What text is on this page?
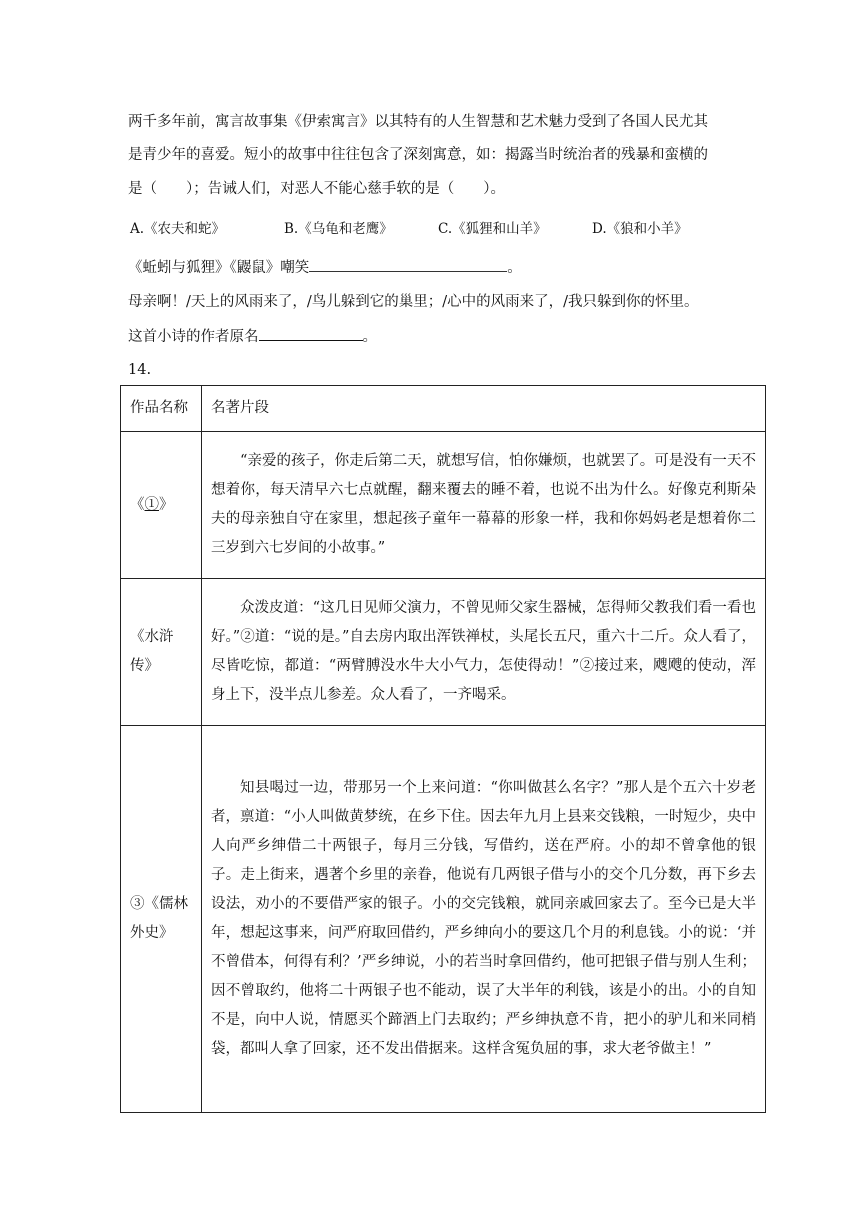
两千多年前，寓言故事集《伊索寓言》以其特有的人生智慧和艺术魅力受到了各国人民尤其
是青少年的喜爱。短小的故事中往往包含了深刻寓意，如：揭露当时统治者的残暴和蛮横的
是（　　）；告诫人们，对恶人不能心慈手软的是（　　）。
A.《农夫和蛇》	B.《乌龟和老鹰》	C.《狐狸和山羊》	D.《狼和小羊》
《蚯蚓与狐狸》《鼹鼠》嘲笑	。
母亲啊！/天上的风雨来了，/鸟儿躲到它的巢里；/心中的风雨来了，/我只躲到你的怀里。
这首小诗的作者原名	。
14.
作品名称	名著片段
《①》	“亲爱的孩子，你走后第二天，就想写信，怕你嫌烦，也就罢了。可是没有一天不想着你，每天清早六七点就醒，翻来覆去的睡不着，也说不出为什么。好像克利斯朵夫的母亲独自守在家里，想起孩子童年一幕幕的形象一样，我和你妈妈老是想着你二三岁到六七岁间的小故事。”
《水浒传》	众泼皮道：“这几日见师父演力，不曾见师父家生器械，怎得师父教我们看一看也好。”②道：“说的是。”自去房内取出浑铁禅杖，头尾长五尺，重六十二斤。众人看了，尽皆吃惊，都道：“两臂膊没水牛大小气力，怎使得动！”②接过来，飕飕的使动，浑身上下，没半点儿参差。众人看了，一齐喝采。
③《儒林外史》	知县喝过一边，带那另一个上来问道：“你叫做甚么名字？”那人是个五六十岁老者，禀道：“小人叫做黄梦统，在乡下住。因去年九月上县来交钱粮，一时短少，央中人向严乡绅借二十两银子，每月三分钱，写借约，送在严府。小的却不曾拿他的银子。走上街来，遇著个乡里的亲眷，他说有几两银子借与小的交个几分数，再下乡去设法，劝小的不要借严家的银子。小的交完钱粮，就同亲戚回家去了。至今已是大半年，想起这事来，问严府取回借约，严乡绅向小的要这几个月的利息钱。小的说：‘并不曾借本，何得有利？’严乡绅说，小的若当时拿回借约，他可把银子借与别人生利；因不曾取约，他将二十两银子也不能动，误了大半年的利钱，该是小的出。小的自知不是，向中人说，情愿买个蹄酒上门去取约；严乡绅执意不肯，把小的驴儿和米同梢袋，都叫人拿了回家，还不发出借据来。这样含冤负屈的事，求大老爷做主！”
